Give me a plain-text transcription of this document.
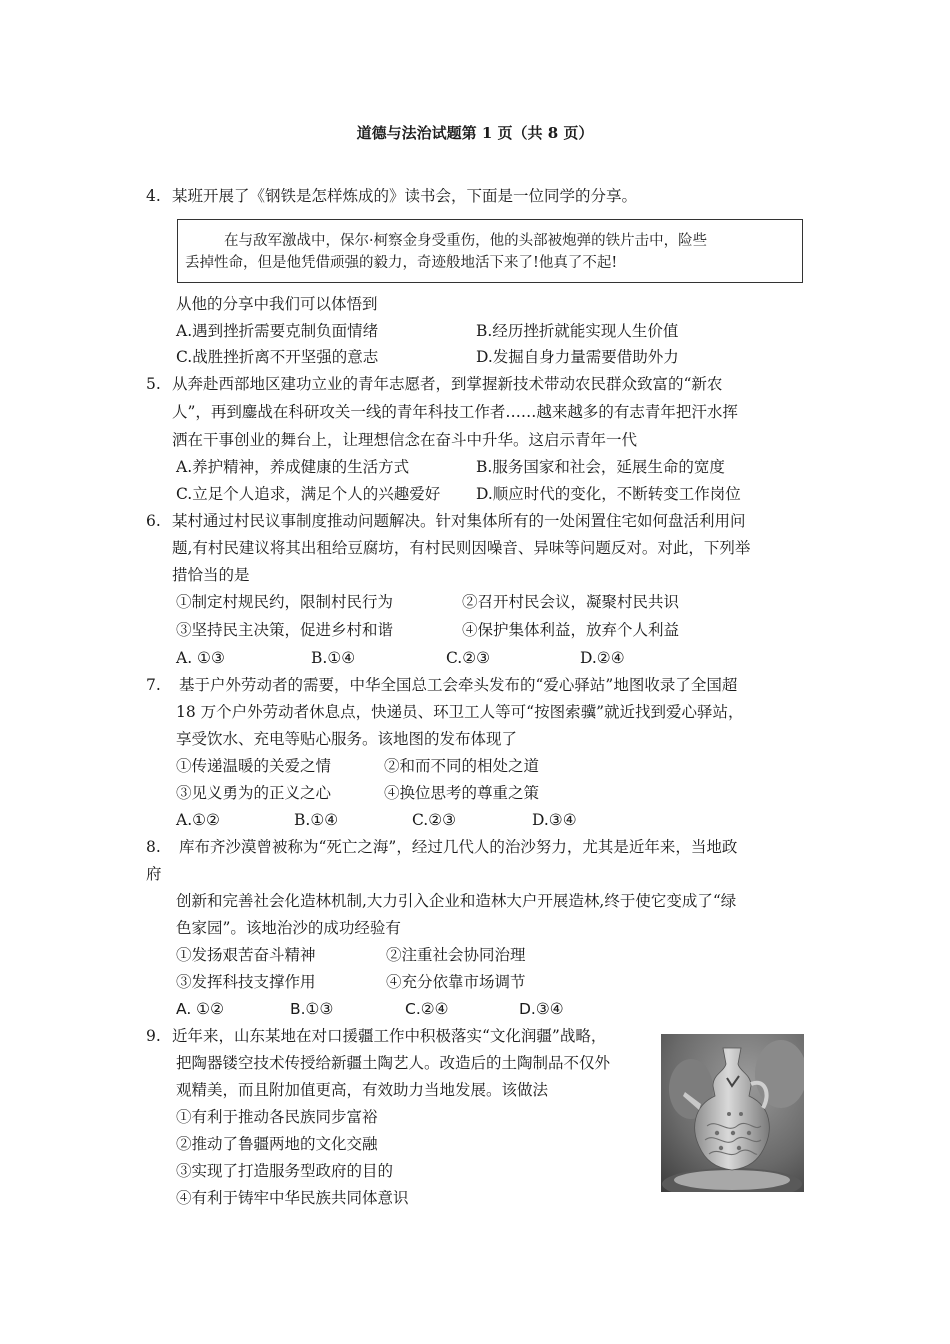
道德与法治试题第 1 页（共 8 页）
4. 某班开展了《钢铁是怎样炼成的》读书会，下面是一位同学的分享。
在与敌军激战中，保尔·柯察金身受重伤，他的头部被炮弹的铁片击中，险些
丢掉性命，但是他凭借顽强的毅力，奇迹般地活下来了!他真了不起!
从他的分享中我们可以体悟到
A.遇到挫折需要克制负面情绪	B.经历挫折就能实现人生价值
C.战胜挫折离不开坚强的意志	D.发掘自身力量需要借助外力
5. 从奔赴西部地区建功立业的青年志愿者，到掌握新技术带动农民群众致富的“新农
人”，再到鏖战在科研攻关一线的青年科技工作者……越来越多的有志青年把汗水挥
洒在干事创业的舞台上，让理想信念在奋斗中升华。这启示青年一代
A.养护精神，养成健康的生活方式	B.服务国家和社会，延展生命的宽度
C.立足个人追求，满足个人的兴趣爱好 D.顺应时代的变化，不断转变工作岗位
6. 某村通过村民议事制度推动问题解决。针对集体所有的一处闲置住宅如何盘活利用问
题,有村民建议将其出租给豆腐坊，有村民则因噪音、异味等问题反对。对此，下列举
措恰当的是
①制定村规民约，限制村民行为	②召开村民会议，凝聚村民共识
③坚持民主决策，促进乡村和谐	④保护集体利益，放弃个人利益
A. ①③	B.①④	C.②③	D.②④
7. 基于户外劳动者的需要，中华全国总工会牵头发布的“爱心驿站”地图收录了全国超
18 万个户外劳动者休息点，快递员、环卫工人等可“按图索骥”就近找到爱心驿站，
享受饮水、充电等贴心服务。该地图的发布体现了
①传递温暖的关爱之情	②和而不同的相处之道
③见义勇为的正义之心	④换位思考的尊重之策
A.①②	B.①④	C.②③	D.③④
8. 库布齐沙漠曾被称为“死亡之海”，经过几代人的治沙努力，尤其是近年来，当地政
府
创新和完善社会化造林机制,大力引入企业和造林大户开展造林,终于使它变成了“绿
色家园”。该地治沙的成功经验有
①发扬艰苦奋斗精神	②注重社会协同治理
③发挥科技支撑作用	④充分依靠市场调节
A. ①②	B.①③	C.②④	D.③④
9. 近年来，山东某地在对口援疆工作中积极落实“文化润疆”战略，
把陶器镂空技术传授给新疆土陶艺人。改造后的土陶制品不仅外
观精美，而且附加值更高，有效助力当地发展。该做法
①有利于推动各民族同步富裕
②推动了鲁疆两地的文化交融
③实现了打造服务型政府的目的
④有利于铸牢中华民族共同体意识
